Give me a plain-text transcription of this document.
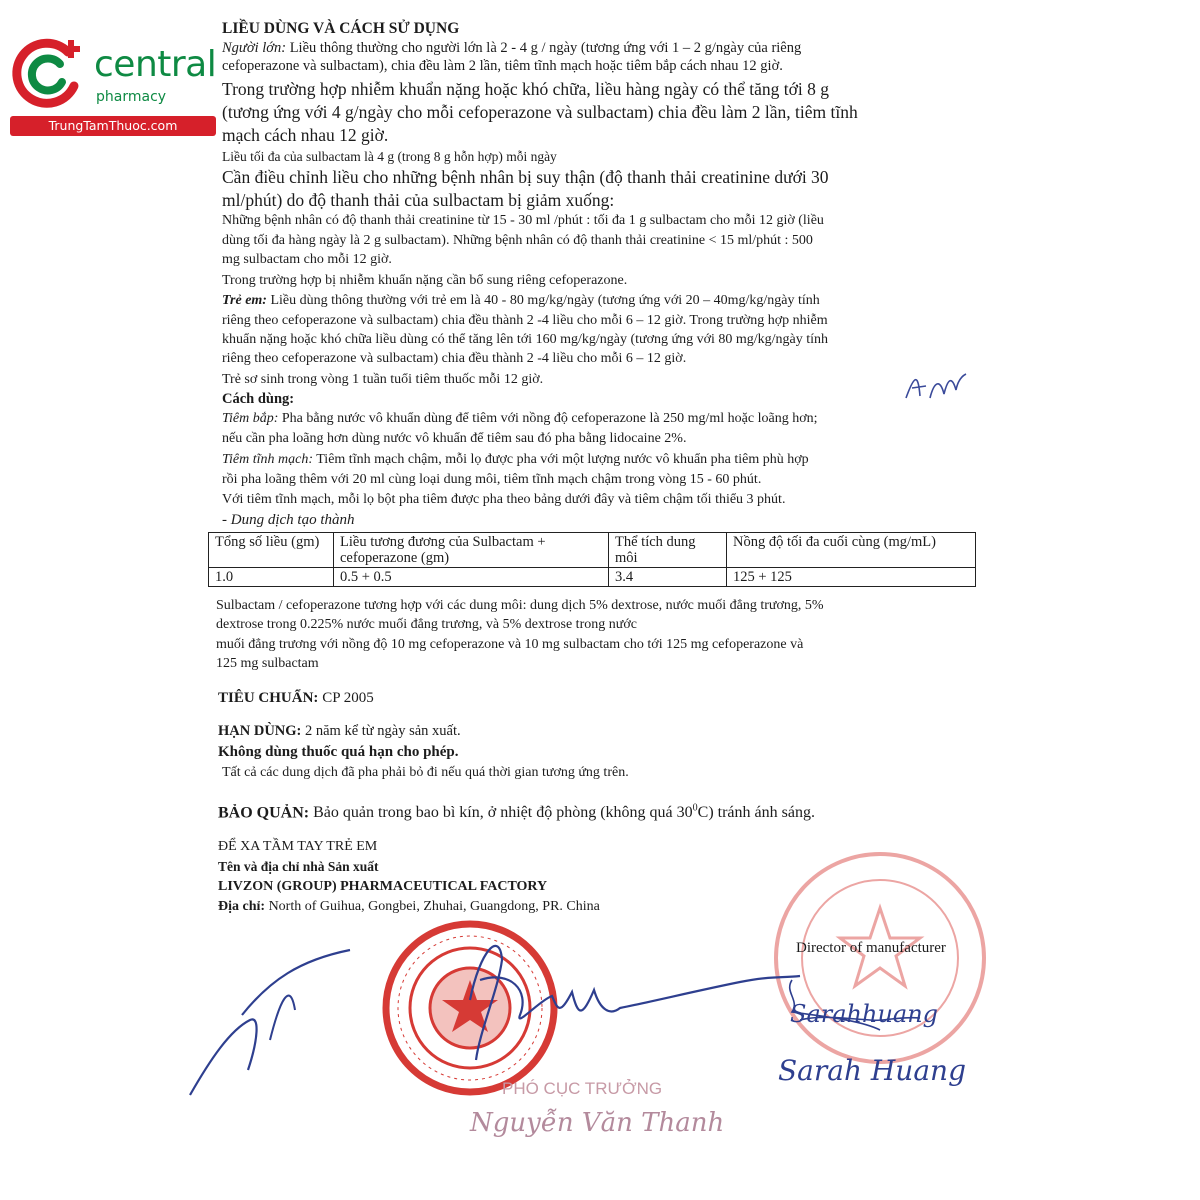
central
pharmacy
TrungTamThuoc.com
LIỀU DÙNG VÀ CÁCH SỬ DỤNG
Người lớn: Liều thông thường cho người lớn là 2 - 4 g / ngày (tương ứng với 1 – 2 g/ngày của riêng
cefoperazone và sulbactam), chia đều làm 2 lần, tiêm tĩnh mạch hoặc tiêm bắp cách nhau 12 giờ.
Trong trường hợp nhiễm khuẩn nặng hoặc khó chữa, liều hàng ngày có thể tăng tới 8 g
(tương ứng với 4 g/ngày cho mỗi cefoperazone và sulbactam) chia đều làm 2 lần, tiêm tĩnh
mạch cách nhau 12 giờ.
Liều tối đa của sulbactam là 4 g (trong 8 g hỗn hợp) mỗi ngày
Cần điều chỉnh liều cho những bệnh nhân bị suy thận (độ thanh thải creatinine dưới 30
ml/phút) do độ thanh thải của sulbactam bị giảm xuống:
Những bệnh nhân có độ thanh thải creatinine từ 15 - 30 ml /phút : tối đa 1 g sulbactam cho mỗi 12 giờ (liều
dùng tối đa hàng ngày là 2 g sulbactam). Những bệnh nhân có độ thanh thải creatinine < 15 ml/phút : 500
mg sulbactam cho mỗi 12 giờ.
Trong trường hợp bị nhiễm khuẩn nặng cần bổ sung riêng cefoperazone.
Trẻ em: Liều dùng thông thường với trẻ em là 40 - 80 mg/kg/ngày (tương ứng với 20 – 40mg/kg/ngày tính
riêng theo cefoperazone và sulbactam) chia đều thành 2 -4 liều cho mỗi 6 – 12 giờ. Trong trường hợp nhiễm
khuẩn nặng hoặc khó chữa liều dùng có thể tăng lên tới 160 mg/kg/ngày (tương ứng với 80 mg/kg/ngày tính
riêng theo cefoperazone và sulbactam) chia đều thành 2 -4 liều cho mỗi 6 – 12 giờ.
Trẻ sơ sinh trong vòng 1 tuần tuổi tiêm thuốc mỗi 12 giờ.
Cách dùng:
Tiêm bắp: Pha bằng nước vô khuẩn dùng để tiêm với nồng độ cefoperazone là 250 mg/ml hoặc loãng hơn;
nếu cần pha loãng hơn dùng nước vô khuẩn để tiêm sau đó pha bằng lidocaine 2%.
Tiêm tĩnh mạch: Tiêm tĩnh mạch chậm, mỗi lọ được pha với một lượng nước vô khuẩn pha tiêm phù hợp
rồi pha loãng thêm với 20 ml cùng loại dung môi, tiêm tĩnh mạch chậm trong vòng 15 - 60 phút.
Với tiêm tĩnh mạch, mỗi lọ bột pha tiêm được pha theo bảng dưới đây và tiêm chậm tối thiểu 3 phút.
- Dung dịch tạo thành
Tổng số liều (gm)	Liều tương đương của Sulbactam + cefoperazone (gm)	Thể tích dung môi	Nồng độ tối đa cuối cùng (mg/mL)
1.0	0.5 + 0.5	3.4	125 + 125
Sulbactam / cefoperazone tương hợp với các dung môi: dung dịch 5% dextrose, nước muối đẳng trương, 5%
dextrose trong 0.225% nước muối đẳng trương, và 5% dextrose trong nước
muối đẳng trương với nồng độ 10 mg cefoperazone và 10 mg sulbactam cho tới 125 mg cefoperazone và
125 mg sulbactam
TIÊU CHUẨN: CP 2005
HẠN DÙNG: 2 năm kể từ ngày sản xuất.
Không dùng thuốc quá hạn cho phép.
Tất cả các dung dịch đã pha phải bỏ đi nếu quá thời gian tương ứng trên.
BẢO QUẢN: Bảo quản trong bao bì kín, ở nhiệt độ phòng (không quá $30^0C$) tránh ánh sáng.
ĐỂ XA TẦM TAY TRẺ EM
Tên và địa chỉ nhà Sản xuất
LIVZON (GROUP) PHARMACEUTICAL FACTORY
Địa chỉ: North of Guihua, Gongbei, Zhuhai, Guangdong, PR. China
Director of manufacturer
PHÓ CỤC TRƯỞNG
Nguyễn Văn Thanh
Sarahhuang
Sarah Huang
